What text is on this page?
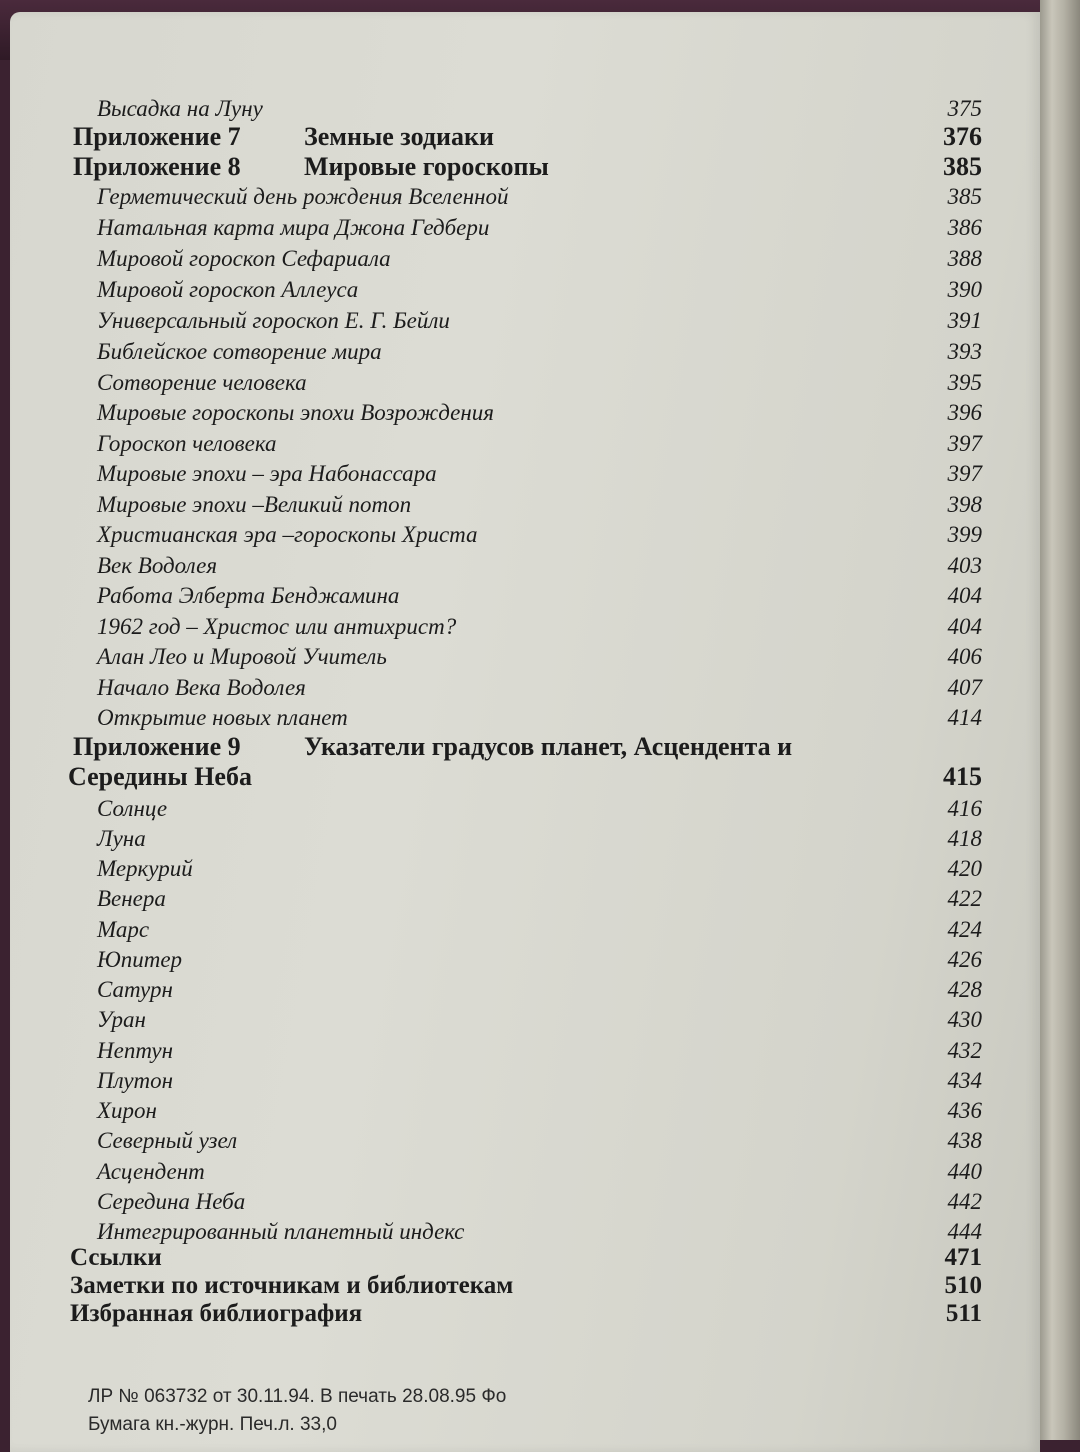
Высадка на Луну	375
Приложение 7 Земные зодиаки	376
Приложение 8 Мировые гороскопы	385
Герметический день рождения Вселенной	385
Натальная карта мира Джона Гедбери	386
Мировой гороскоп Сефариала	388
Мировой гороскоп Аллеусa	390
Универсальный гороскоп Е. Г. Бейли	391
Библейское сотворение мира	393
Сотворение человека	395
Мировые гороскопы эпохи Возрождения	396
Гороскоп человека	397
Мировые эпохи – эра Набонассара	397
Мировые эпохи –Великий потоп	398
Христианская эра –гороскопы Христа	399
Век Водолея	403
Работа Элберта Бенджамина	404
1962 год – Христос или антихрист?	404
Алан Лео и Мировой Учитель	406
Начало Века Водолея	407
Открытие новых планет	414
Приложение 9 Указатели градусов планет, Асцендента и
Середины Неба	415
Солнце	416
Луна	418
Меркурий	420
Венера	422
Марс	424
Юпитер	426
Сатурн	428
Уран	430
Нептун	432
Плутон	434
Хирон	436
Северный узел	438
Асцендент	440
Середина Неба	442
Интегрированный планетный индекс	444
Ссылки	471
Заметки по источникам и библиотекам	510
Избранная библиография	511
ЛР № 063732 от 30.11.94. В печать 28.08.95 Фо
Бумага кн.-журн. Печ.л. 33,0
